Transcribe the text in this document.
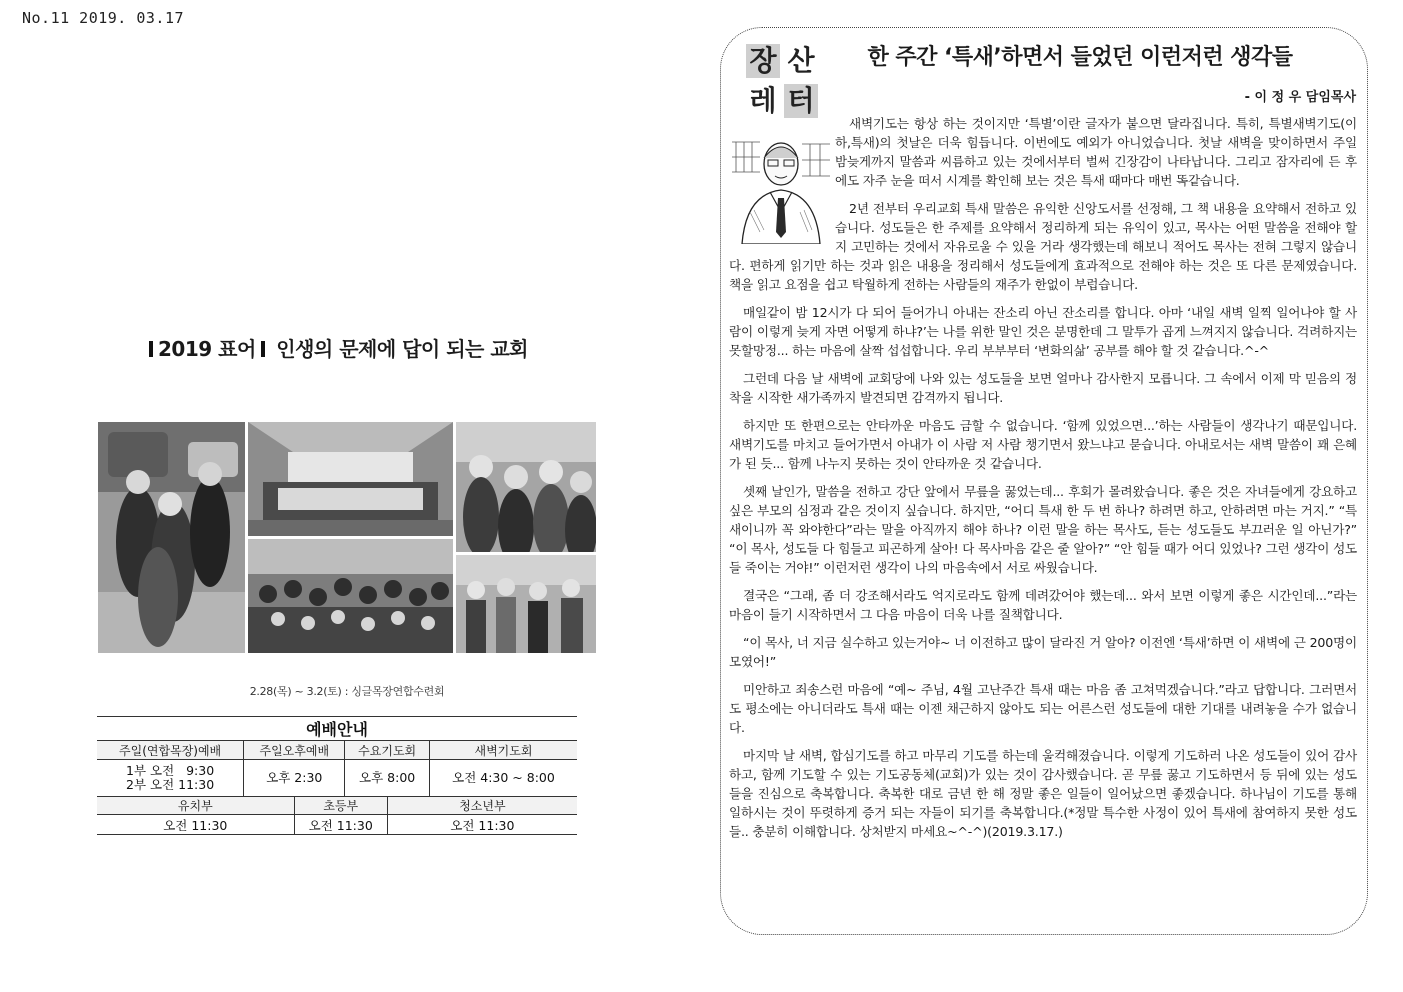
No.11 2019. 03.17
2019 표어 인생의 문제에 답이 되는 교회
2.28(목) ~ 3.2(토) : 싱글목장연합수련회
예배안내					
주일(연합목장)예배	주일오후예배		수요기도회		새벽기도회

1부 오전   9:30
2부 오전 11:30	오후 2:30		오후 8:00		오전 4:30 ~ 8:00
유치부		초등부		청소년부	
오전 11:30		오전 11:30		오전 11:30	
장 산
레 터
한 주간 ‘특새’하면서 들었던 이런저런 생각들
- 이 정 우 담임목사

새벽기도는 항상 하는 것이지만 ‘특별’이란 글자가 붙으면 달라집니다. 특히, 특별새벽기도(이하,특새)의 첫날은 더욱 힘듭니다. 이번에도 예외가 아니었습니다. 첫날 새벽을 맞이하면서 주일 밤늦게까지 말씀과 씨름하고 있는 것에서부터 벌써 긴장감이 나타납니다. 그리고 잠자리에 든 후에도 자주 눈을 떠서 시계를 확인해 보는 것은 특새 때마다 매번 똑같습니다.

2년 전부터 우리교회 특새 말씀은 유익한 신앙도서를 선정해, 그 책 내용을 요약해서 전하고 있습니다. 성도들은 한 주제를 요약해서 정리하게 되는 유익이 있고, 목사는 어떤 말씀을 전해야 할지 고민하는 것에서 자유로울 수 있을 거라 생각했는데 해보니 적어도 목사는 전혀 그렇지 않습니다. 편하게 읽기만 하는 것과 읽은 내용을 정리해서 성도들에게 효과적으로 전해야 하는 것은 또 다른 문제였습니다. 책을 읽고 요점을 쉽고 탁월하게 전하는 사람들의 재주가 한없이 부럽습니다.

매일같이 밤 12시가 다 되어 들어가니 아내는 잔소리 아닌 잔소리를 합니다. 아마 ‘내일 새벽 일찍 일어나야 할 사람이 이렇게 늦게 자면 어떻게 하냐?’는 나를 위한 말인 것은 분명한데 그 말투가 곱게 느껴지지 않습니다. 걱려하지는 못할망정... 하는 마음에 살짝 섭섭합니다. 우리 부부부터 ‘변화의삶’ 공부를 해야 할 것 같습니다.^-^

그런데 다음 날 새벽에 교회당에 나와 있는 성도들을 보면 얼마나 감사한지 모릅니다. 그 속에서 이제 막 믿음의 정착을 시작한 새가족까지 발견되면 감격까지 됩니다.

하지만 또 한편으로는 안타까운 마음도 금할 수 없습니다. ‘함께 있었으면...’하는 사람들이 생각나기 때문입니다. 새벽기도를 마치고 들어가면서 아내가 이 사람 저 사람 챙기면서 왔느냐고 묻습니다. 아내로서는 새벽 말씀이 꽤 은혜가 된 듯... 함께 나누지 못하는 것이 안타까운 것 같습니다.

셋째 날인가, 말씀을 전하고 강단 앞에서 무릎을 꿇었는데... 후회가 몰려왔습니다. 좋은 것은 자녀들에게 강요하고 싶은 부모의 심정과 같은 것이지 싶습니다. 하지만, “어디 특새 한 두 번 하나? 하려면 하고, 안하려면 마는 거지.” “특새이니까 꼭 와야한다”라는 말을 아직까지 해야 하나? 이런 말을 하는 목사도, 듣는 성도들도 부끄러운 일 아닌가?” “이 목사, 성도들 다 힘들고 피곤하게 살아! 다 목사마음 같은 줄 알아?” “안 힘들 때가 어디 있었나? 그런 생각이 성도들 죽이는 거야!” 이런저런 생각이 나의 마음속에서 서로 싸웠습니다.

결국은 “그래, 좀 더 강조해서라도 억지로라도 함께 데려갔어야 했는데... 와서 보면 이렇게 좋은 시간인데...”라는 마음이 들기 시작하면서 그 다음 마음이 더욱 나를 질책합니다.

“이 목사, 너 지금 실수하고 있는거야~ 너 이전하고 많이 달라진 거 알아? 이전엔 ‘특새’하면 이 새벽에 근 200명이 모였어!”

미안하고 죄송스런 마음에 “예~ 주님, 4월 고난주간 특새 때는 마음 좀 고쳐먹겠습니다.”라고 답합니다. 그러면서도 평소에는 아니더라도 특새 때는 이젠 채근하지 않아도 되는 어른스런 성도들에 대한 기대를 내려놓을 수가 없습니다.

마지막 날 새벽, 합심기도를 하고 마무리 기도를 하는데 울컥해졌습니다. 이렇게 기도하러 나온 성도들이 있어 감사하고, 함께 기도할 수 있는 기도공동체(교회)가 있는 것이 감사했습니다. 곧 무릎 꿇고 기도하면서 등 뒤에 있는 성도들을 진심으로 축복합니다. 축복한 대로 금년 한 해 정말 좋은 일들이 일어났으면 좋겠습니다. 하나님이 기도를 통해 일하시는 것이 뚜렷하게 증거 되는 자들이 되기를 축복합니다.(*정말 특수한 사정이 있어 특새에 참여하지 못한 성도들.. 충분히 이해합니다. 상처받지 마세요~^-^)(2019.3.17.)
